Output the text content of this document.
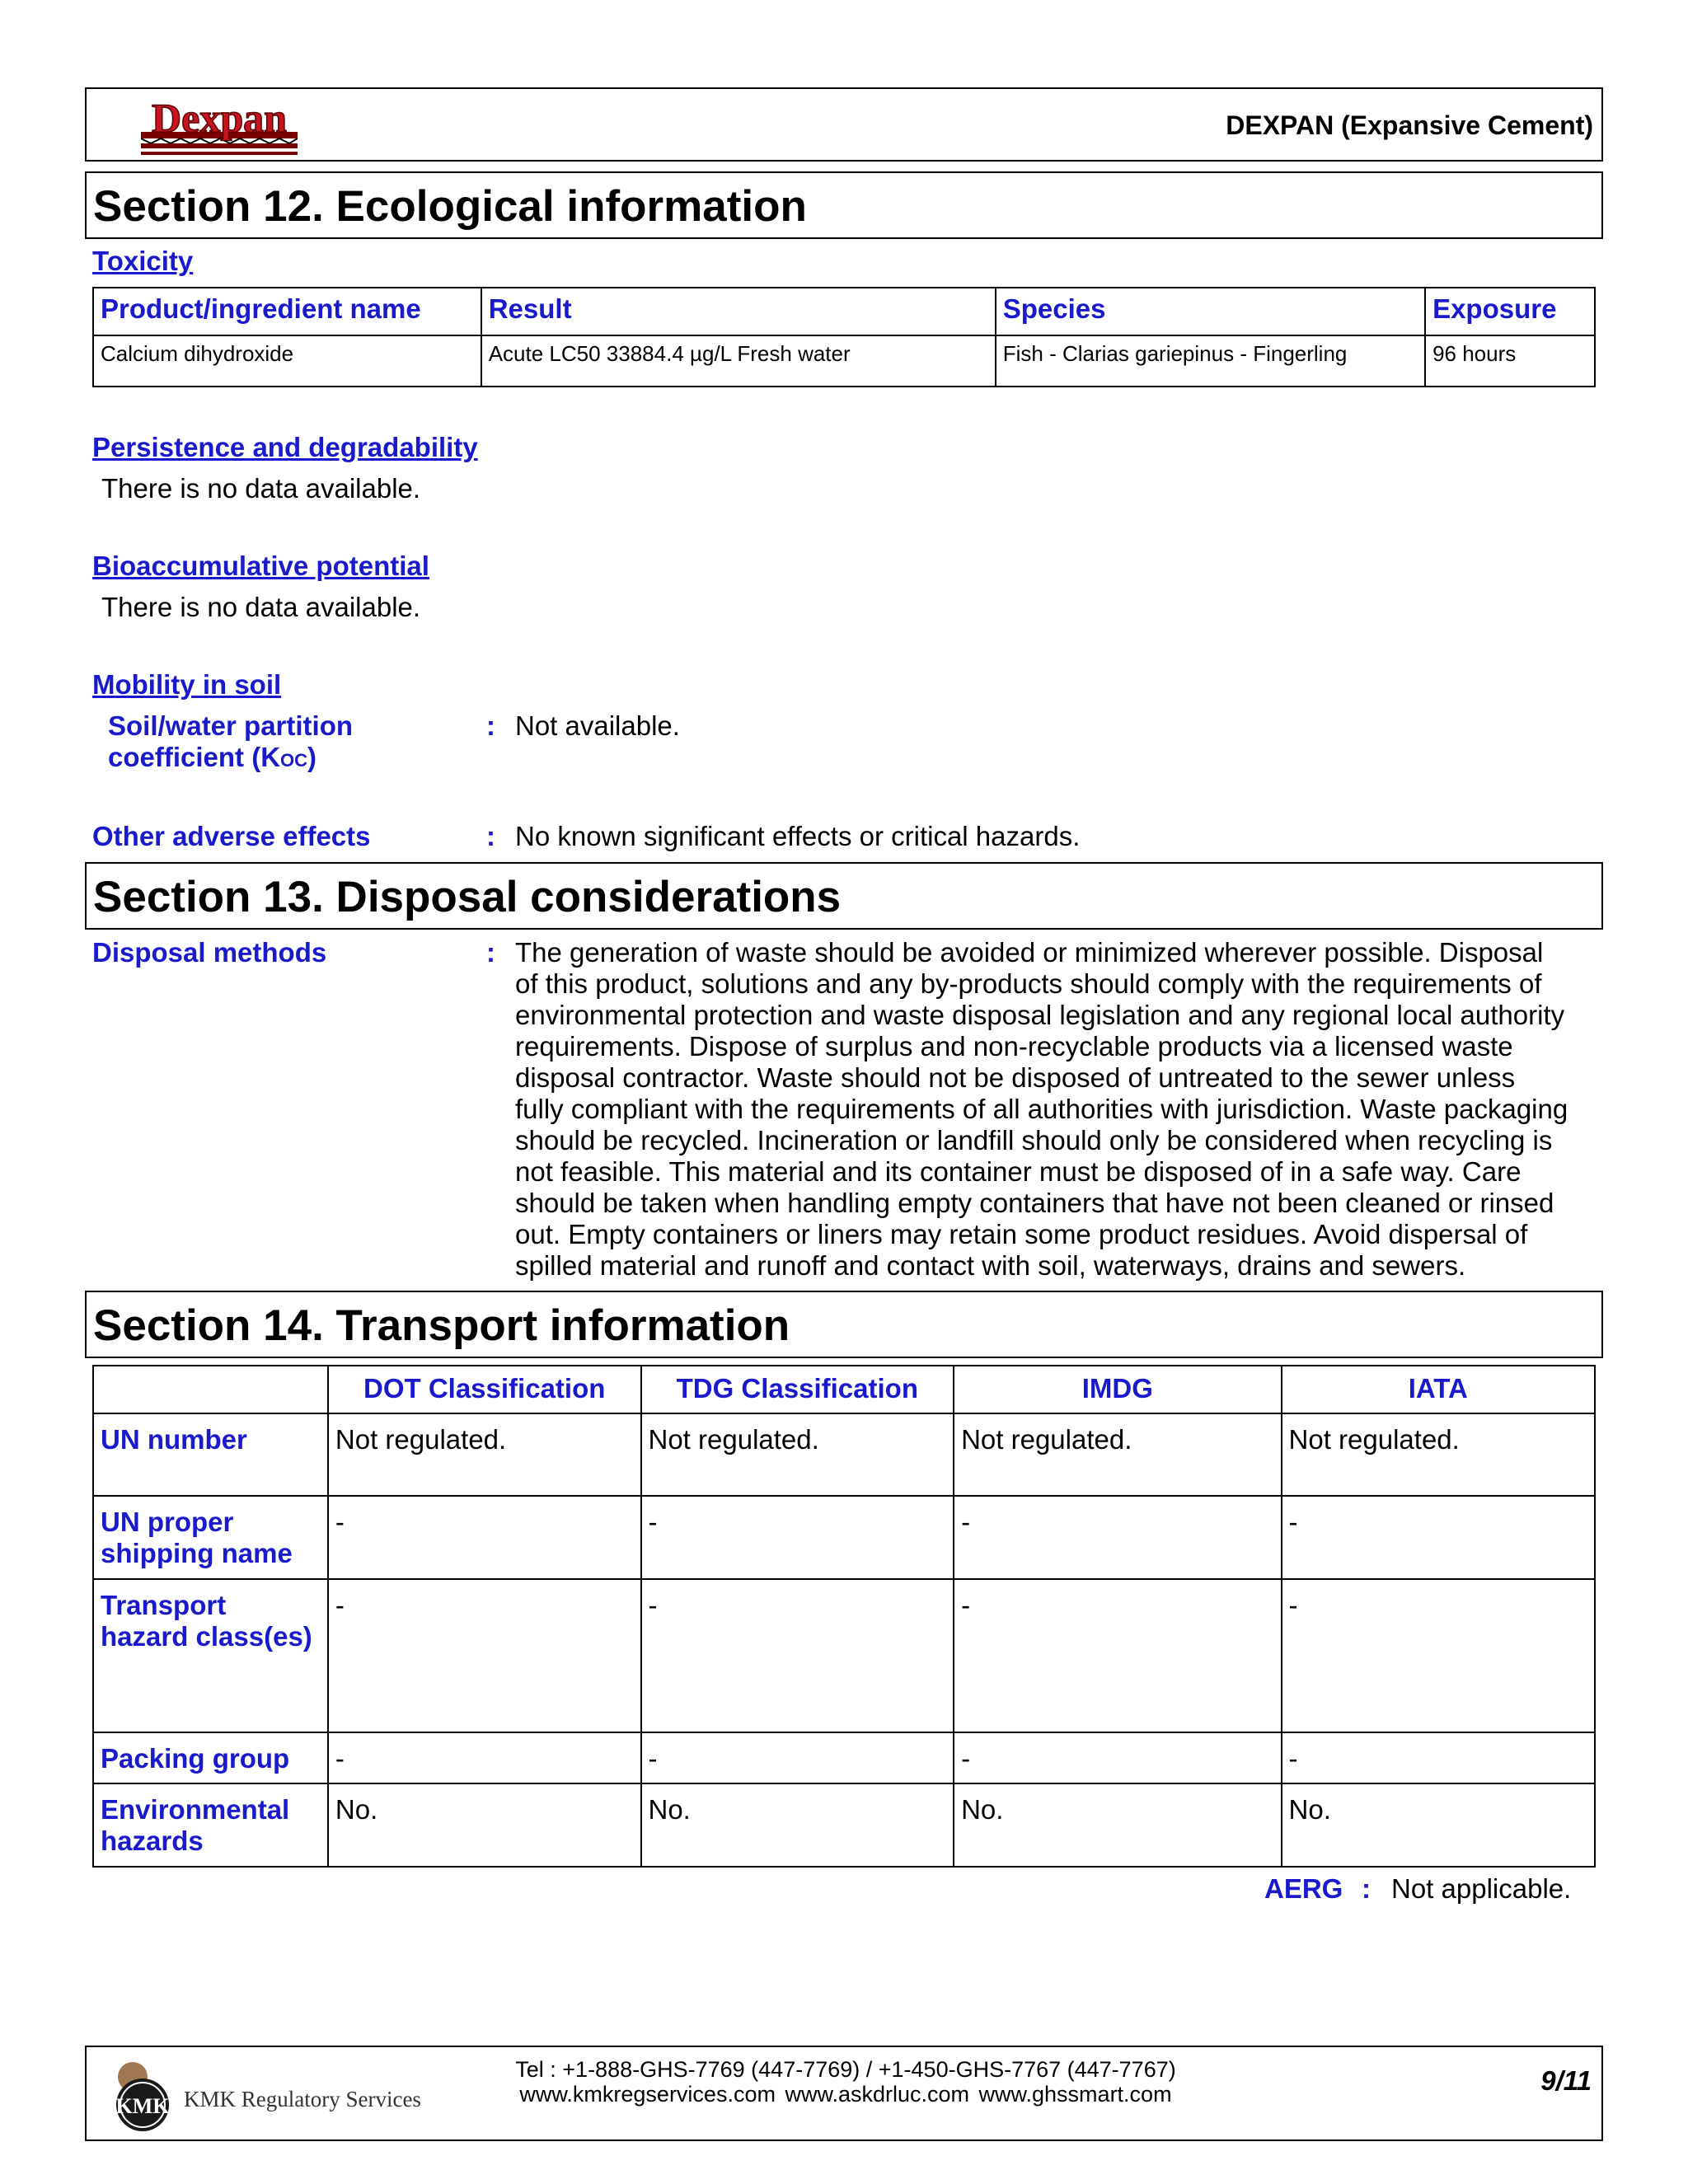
Dexpan	DEXPAN (Expansive Cement)
Section 12. Ecological information
Toxicity
Product/ingredient name	Result	Species	Exposure
Calcium dihydroxide	Acute LC50 33884.4 µg/L Fresh water	Fish - Clarias gariepinus - Fingerling	96 hours
Persistence and degradability
There is no data available.
Bioaccumulative potential
There is no data available.
Mobility in soil
Soil/water partition
coefficient (KOC)
: Not available.
Other adverse effects	: No known significant effects or critical hazards.
Section 13. Disposal considerations
Disposal methods	: The generation of waste should be avoided or minimized wherever possible. Disposal
of this product, solutions and any by-products should comply with the requirements of
environmental protection and waste disposal legislation and any regional local authority
requirements. Dispose of surplus and non-recyclable products via a licensed waste
disposal contractor. Waste should not be disposed of untreated to the sewer unless
fully compliant with the requirements of all authorities with jurisdiction. Waste packaging
should be recycled. Incineration or landfill should only be considered when recycling is
not feasible. This material and its container must be disposed of in a safe way. Care
should be taken when handling empty containers that have not been cleaned or rinsed
out. Empty containers or liners may retain some product residues. Avoid dispersal of
spilled material and runoff and contact with soil, waterways, drains and sewers.
Section 14. Transport information
	DOT Classification	TDG Classification	IMDG	IATA
UN number	Not regulated.	Not regulated.	Not regulated.	Not regulated.
UN proper shipping name	-	-	-	-
Transport hazard class(es)	-	-	-	-
Packing group	-	-	-	-
Environmental hazards	No.	No.	No.	No.
AERG : Not applicable.
KMK KMK Regulatory Services
Tel : +1-888-GHS-7769 (447-7769) / +1-450-GHS-7767 (447-7767)
www.kmkregservices.com www.askdrluc.com www.ghssmart.com	9/11
